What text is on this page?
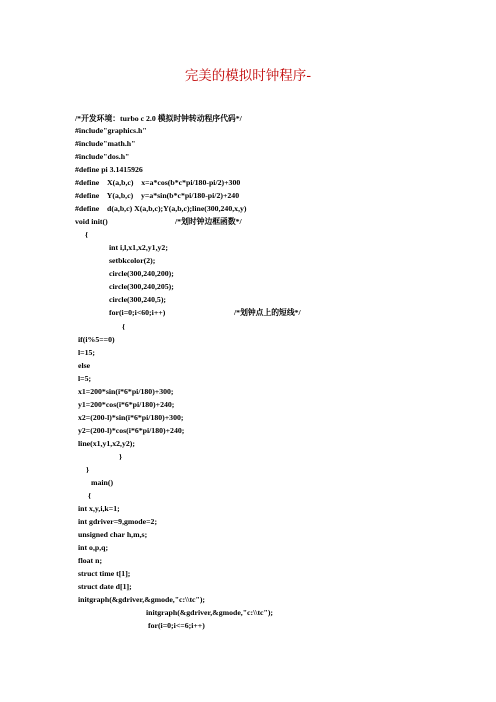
完美的模拟时钟程序-
/*开发环境：turbo c 2.0 模拟时钟转动程序代码*/
#include"graphics.h"
#include"math.h"
#include"dos.h"
#define pi 3.1415926
#define    X(a,b,c)    x=a*cos(b*c*pi/180-pi/2)+300
#define    Y(a,b,c)    y=a*sin(b*c*pi/180-pi/2)+240
#define    d(a,b,c) X(a,b,c);Y(a,b,c);line(300,240,x,y)
void init()	/*划时钟边框函数*/
{
int i,l,x1,x2,y1,y2;
setbkcolor(2);
circle(300,240,200);
circle(300,240,205);
circle(300,240,5);
for(i=0;i<60;i++)	/*划钟点上的短线*/
{
if(i%5==0)
l=15;
else
l=5;
x1=200*sin(i*6*pi/180)+300;
y1=200*cos(i*6*pi/180)+240;
x2=(200-l)*sin(i*6*pi/180)+300;
y2=(200-l)*cos(i*6*pi/180)+240;
line(x1,y1,x2,y2);
}
}
main()
{
int x,y,i,k=1;
int gdriver=9,gmode=2;
unsigned char h,m,s;
int o,p,q;
float n;
struct time t[1];
struct date d[1];
initgraph(&gdriver,&gmode,"c:\\tc");
initgraph(&gdriver,&gmode,"c:\\tc");
for(i=0;i<=6;i++)
